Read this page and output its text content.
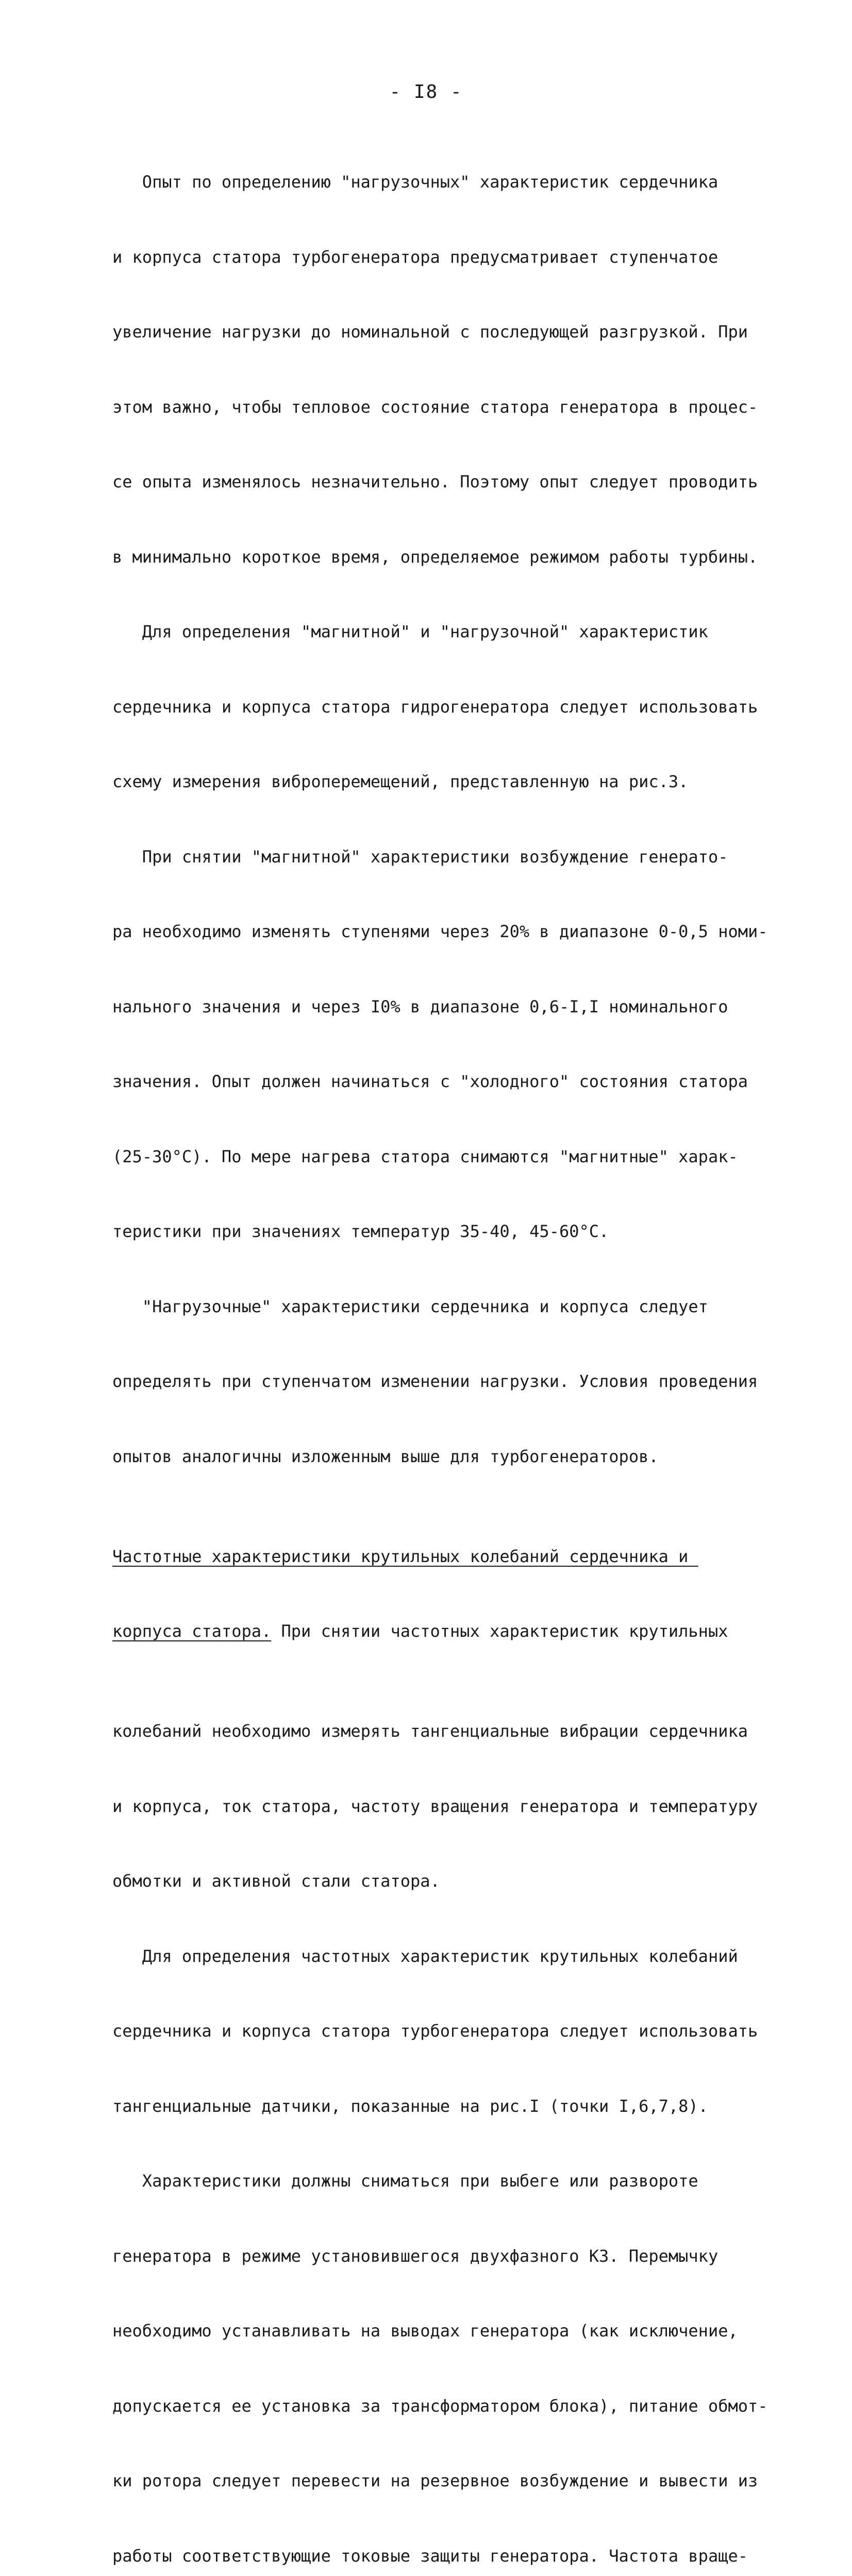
- I8 -

Опыт по определению "нагрузочных" характеристик сердечника

и корпуса статора турбогенератора предусматривает ступенчатое

увеличение нагрузки до номинальной с последующей разгрузкой. При

этом важно, чтобы тепловое состояние статора генератора в процес-

се опыта изменялось незначительно. Поэтому опыт следует проводить

в минимально короткое время, определяемое режимом работы турбины.

Для определения "магнитной" и "нагрузочной" характеристик

сердечника и корпуса статора гидрогенератора следует использовать

схему измерения виброперемещений, представленную на рис.3.

При снятии "магнитной" характеристики возбуждение генерато-

ра необходимо изменять ступенями через 20% в диапазоне 0-0,5 номи-

нального значения и через I0% в диапазоне 0,6-I,I номинального

значения. Опыт должен начинаться с "холодного" состояния статора

(25-30°С). По мере нагрева статора снимаются "магнитные" харак-

теристики при значениях температур 35-40, 45-60°С.

"Нагрузочные" характеристики сердечника и корпуса следует

определять при ступенчатом изменении нагрузки. Условия проведения

опытов аналогичны изложенным выше для турбогенераторов.

Частотные характеристики крутильных колебаний сердечника и

корпуса статора. При снятии частотных характеристик крутильных

колебаний необходимо измерять тангенциальные вибрации сердечника

и корпуса, ток статора, частоту вращения генератора и температуру

обмотки и активной стали статора.

Для определения частотных характеристик крутильных колебаний

сердечника и корпуса статора турбогенератора следует использовать

тангенциальные датчики, показанные на рис.I (точки I,6,7,8).

Характеристики должны сниматься при выбеге или развороте

генератора в режиме установившегося двухфазного КЗ. Перемычку

необходимо устанавливать на выводах генератора (как исключение,

допускается ее установка за трансформатором блока), питание обмот-

ки ротора следует перевести на резервное возбуждение и вывести из

работы соответствующие токовые защиты генератора. Частота враще-
